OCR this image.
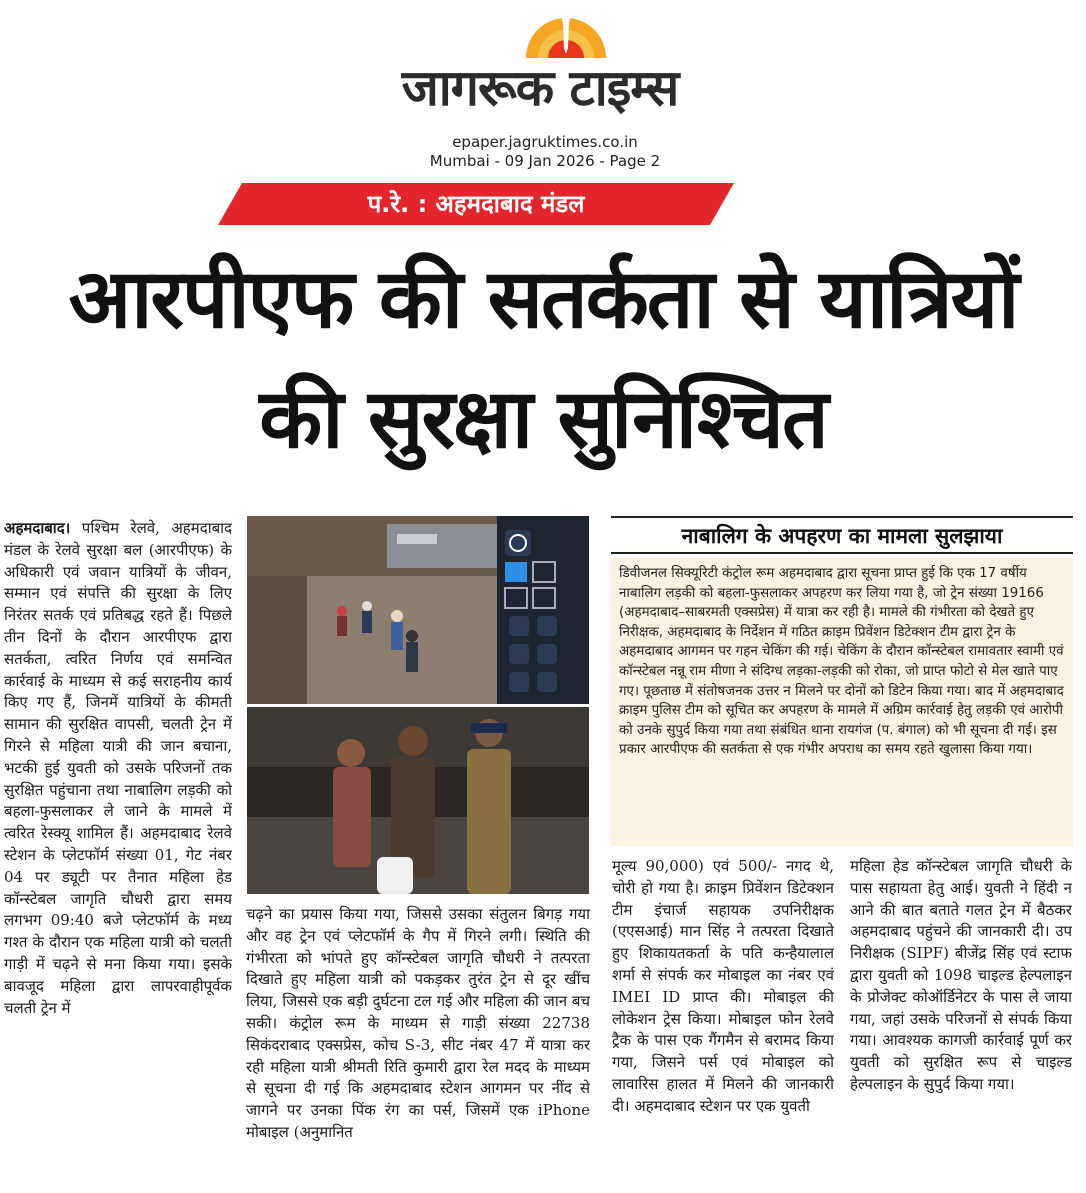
जागरूक टाइम्स
epaper.jagruktimes.co.in
Mumbai - 09 Jan 2026 - Page 2
प.रे. : अहमदाबाद मंडल
आरपीएफ की सतर्कता से यात्रियों
की सुरक्षा सुनिश्चित
अहमदाबाद। पश्चिम रेलवे, अहमदाबाद मंडल के रेलवे सुरक्षा बल (आरपीएफ) के अधिकारी एवं जवान यात्रियों के जीवन, सम्मान एवं संपत्ति की सुरक्षा के लिए निरंतर सतर्क एवं प्रतिबद्ध रहते हैं। पिछले तीन दिनों के दौरान आरपीएफ द्वारा सतर्कता, त्वरित निर्णय एवं समन्वित कार्रवाई के माध्यम से कई सराहनीय कार्य किए गए हैं, जिनमें यात्रियों के कीमती सामान की सुरक्षित वापसी, चलती ट्रेन में गिरने से महिला यात्री की जान बचाना, भटकी हुई युवती को उसके परिजनों तक सुरक्षित पहुंचाना तथा नाबालिग लड़की को बहला-फुसलाकर ले जाने के मामले में त्वरित रेस्क्यू शामिल हैं। अहमदाबाद रेलवे स्टेशन के प्लेटफॉर्म संख्या 01, गेट नंबर 04 पर ड्यूटी पर तैनात महिला हेड कॉन्स्टेबल जागृति चौधरी द्वारा समय लगभग 09:40 बजे प्लेटफॉर्म के मध्य गश्त के दौरान एक महिला यात्री को चलती गाड़ी में चढ़ने से मना किया गया। इसके बावजूद महिला द्वारा लापरवाहीपूर्वक चलती ट्रेन में
चढ़ने का प्रयास किया गया, जिससे उसका संतुलन बिगड़ गया और वह ट्रेन एवं प्लेटफॉर्म के गैप में गिरने लगी। स्थिति की गंभीरता को भांपते हुए कॉन्स्टेबल जागृति चौधरी ने तत्परता दिखाते हुए महिला यात्री को पकड़कर तुरंत ट्रेन से दूर खींच लिया, जिससे एक बड़ी दुर्घटना टल गई और महिला की जान बच सकी। कंट्रोल रूम के माध्यम से गाड़ी संख्या 22738 सिकंदराबाद एक्सप्रेस, कोच S-3, सीट नंबर 47 में यात्रा कर रही महिला यात्री श्रीमती रिति कुमारी द्वारा रेल मदद के माध्यम से सूचना दी गई कि अहमदाबाद स्टेशन आगमन पर नींद से जागने पर उनका पिंक रंग का पर्स, जिसमें एक iPhone मोबाइल (अनुमानित
नाबालिग के अपहरण का मामला सुलझाया
डिवीजनल सिक्यूरिटी कंट्रोल रूम अहमदाबाद द्वारा सूचना प्राप्त हुई कि एक 17 वर्षीय नाबालिग लड़की को बहला-फुसलाकर अपहरण कर लिया गया है, जो ट्रेन संख्या 19166 (अहमदाबाद–साबरमती एक्सप्रेस) में यात्रा कर रही है। मामले की गंभीरता को देखते हुए निरीक्षक, अहमदाबाद के निर्देशन में गठित क्राइम प्रिवेंशन डिटेक्शन टीम द्वारा ट्रेन के अहमदाबाद आगमन पर गहन चेकिंग की गई। चेकिंग के दौरान कॉन्स्टेबल रामावतार स्वामी एवं कॉन्स्टेबल नन्नू राम मीणा ने संदिग्ध लड़का-लड़की को रोका, जो प्राप्त फोटो से मेल खाते पाए गए। पूछताछ में संतोषजनक उत्तर न मिलने पर दोनों को डिटेन किया गया। बाद में अहमदाबाद क्राइम पुलिस टीम को सूचित कर अपहरण के मामले में अग्रिम कार्रवाई हेतु लड़की एवं आरोपी को उनके सुपुर्द किया गया तथा संबंधित थाना रायगंज (प. बंगाल) को भी सूचना दी गई। इस प्रकार आरपीएफ की सतर्कता से एक गंभीर अपराध का समय रहते खुलासा किया गया।
मूल्य 90,000) एवं 500/- नगद थे, चोरी हो गया है। क्राइम प्रिवेंशन डिटेक्शन टीम इंचार्ज सहायक उपनिरीक्षक (एएसआई) मान सिंह ने तत्परता दिखाते हुए शिकायतकर्ता के पति कन्हैयालाल शर्मा से संपर्क कर मोबाइल का नंबर एवं IMEI ID प्राप्त की। मोबाइल की लोकेशन ट्रेस किया। मोबाइल फोन रेलवे ट्रैक के पास एक गैंगमैन से बरामद किया गया, जिसने पर्स एवं मोबाइल को लावारिस हालत में मिलने की जानकारी दी। अहमदाबाद स्टेशन पर एक युवती
महिला हेड कॉन्स्टेबल जागृति चौधरी के पास सहायता हेतु आई। युवती ने हिंदी न आने की बात बताते गलत ट्रेन में बैठकर अहमदाबाद पहुंचने की जानकारी दी। उप निरीक्षक (SIPF) बीजेंद्र सिंह एवं स्टाफ द्वारा युवती को 1098 चाइल्ड हेल्पलाइन के प्रोजेक्ट कोऑर्डिनेटर के पास ले जाया गया, जहां उसके परिजनों से संपर्क किया गया। आवश्यक कागजी कार्रवाई पूर्ण कर युवती को सुरक्षित रूप से चाइल्ड हेल्पलाइन के सुपुर्द किया गया।
